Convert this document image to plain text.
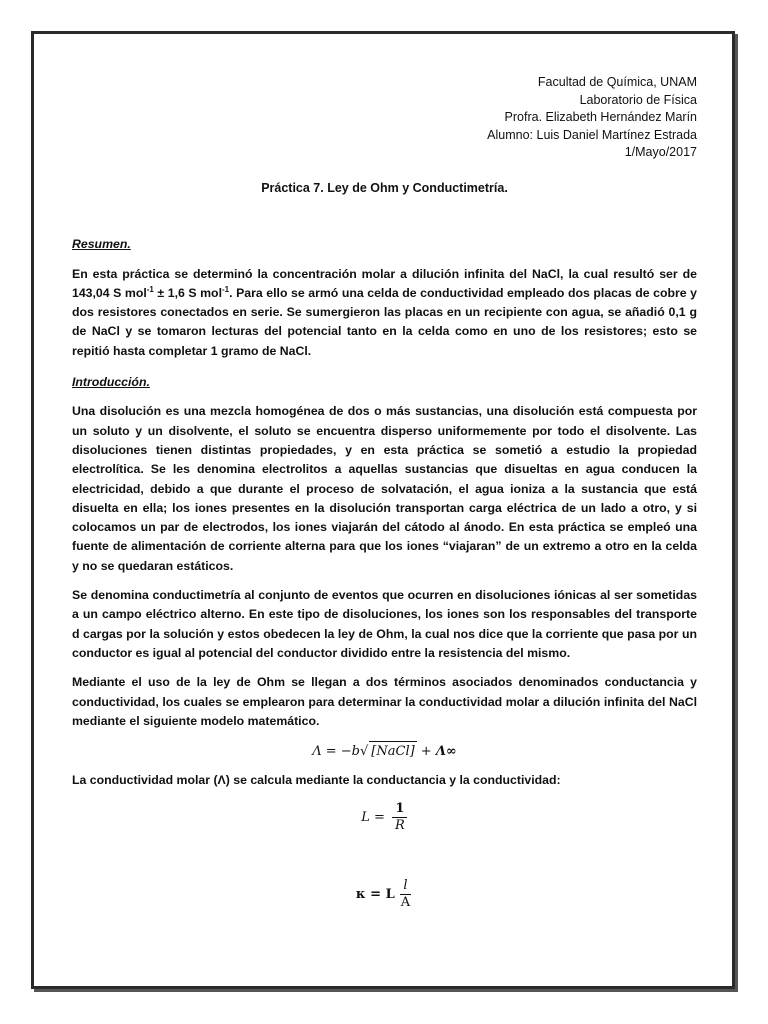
Facultad de Química, UNAM
Laboratorio de Física
Profra. Elizabeth Hernández Marín
Alumno: Luis Daniel Martínez Estrada
1/Mayo/2017
Práctica 7. Ley de Ohm y Conductimetría.
Resumen.

En esta práctica se determinó la concentración molar a dilución infinita del NaCl, la cual resultó ser de 143,04 S mol$^{-1}$ ± 1,6 S mol$^{-1}$. Para ello se armó una celda de conductividad empleado dos placas de cobre y dos resistores conectados en serie. Se sumergieron las placas en un recipiente con agua, se añadió 0,1 g de NaCl y se tomaron lecturas del potencial tanto en la celda como en uno de los resistores; esto se repitió hasta completar 1 gramo de NaCl.

Introducción.

Una disolución es una mezcla homogénea de dos o más sustancias, una disolución está compuesta por un soluto y un disolvente, el soluto se encuentra disperso uniformemente por todo el disolvente. Las disoluciones tienen distintas propiedades, y en esta práctica se sometió a estudio la propiedad electrolítica. Se les denomina electrolitos a aquellas sustancias que disueltas en agua conducen la electricidad, debido a que durante el proceso de solvatación, el agua ioniza a la sustancia que está disuelta en ella; los iones presentes en la disolución transportan carga eléctrica de un lado a otro, y si colocamos un par de electrodos, los iones viajarán del cátodo al ánodo. En esta práctica se empleó una fuente de alimentación de corriente alterna para que los iones “viajaran” de un extremo a otro en la celda y no se quedaran estáticos.

Se denomina conductimetría al conjunto de eventos que ocurren en disoluciones iónicas al ser sometidas a un campo eléctrico alterno. En este tipo de disoluciones, los iones son los responsables del transporte d cargas por la solución y estos obedecen la ley de Ohm, la cual nos dice que la corriente que pasa por un conductor es igual al potencial del conductor dividido entre la resistencia del mismo.

Mediante el uso de la ley de Ohm se llegan a dos términos asociados denominados conductancia y conductividad, los cuales se emplearon para determinar la conductividad molar a dilución infinita del NaCl mediante el siguiente modelo matemático.

Λ = −b√ [NaCl] + Λ∞

La conductividad molar (Λ) se calcula mediante la conductancia y la conductividad:

$L = \frac{1}{R}$
κ = L $\frac{l}{A}$
